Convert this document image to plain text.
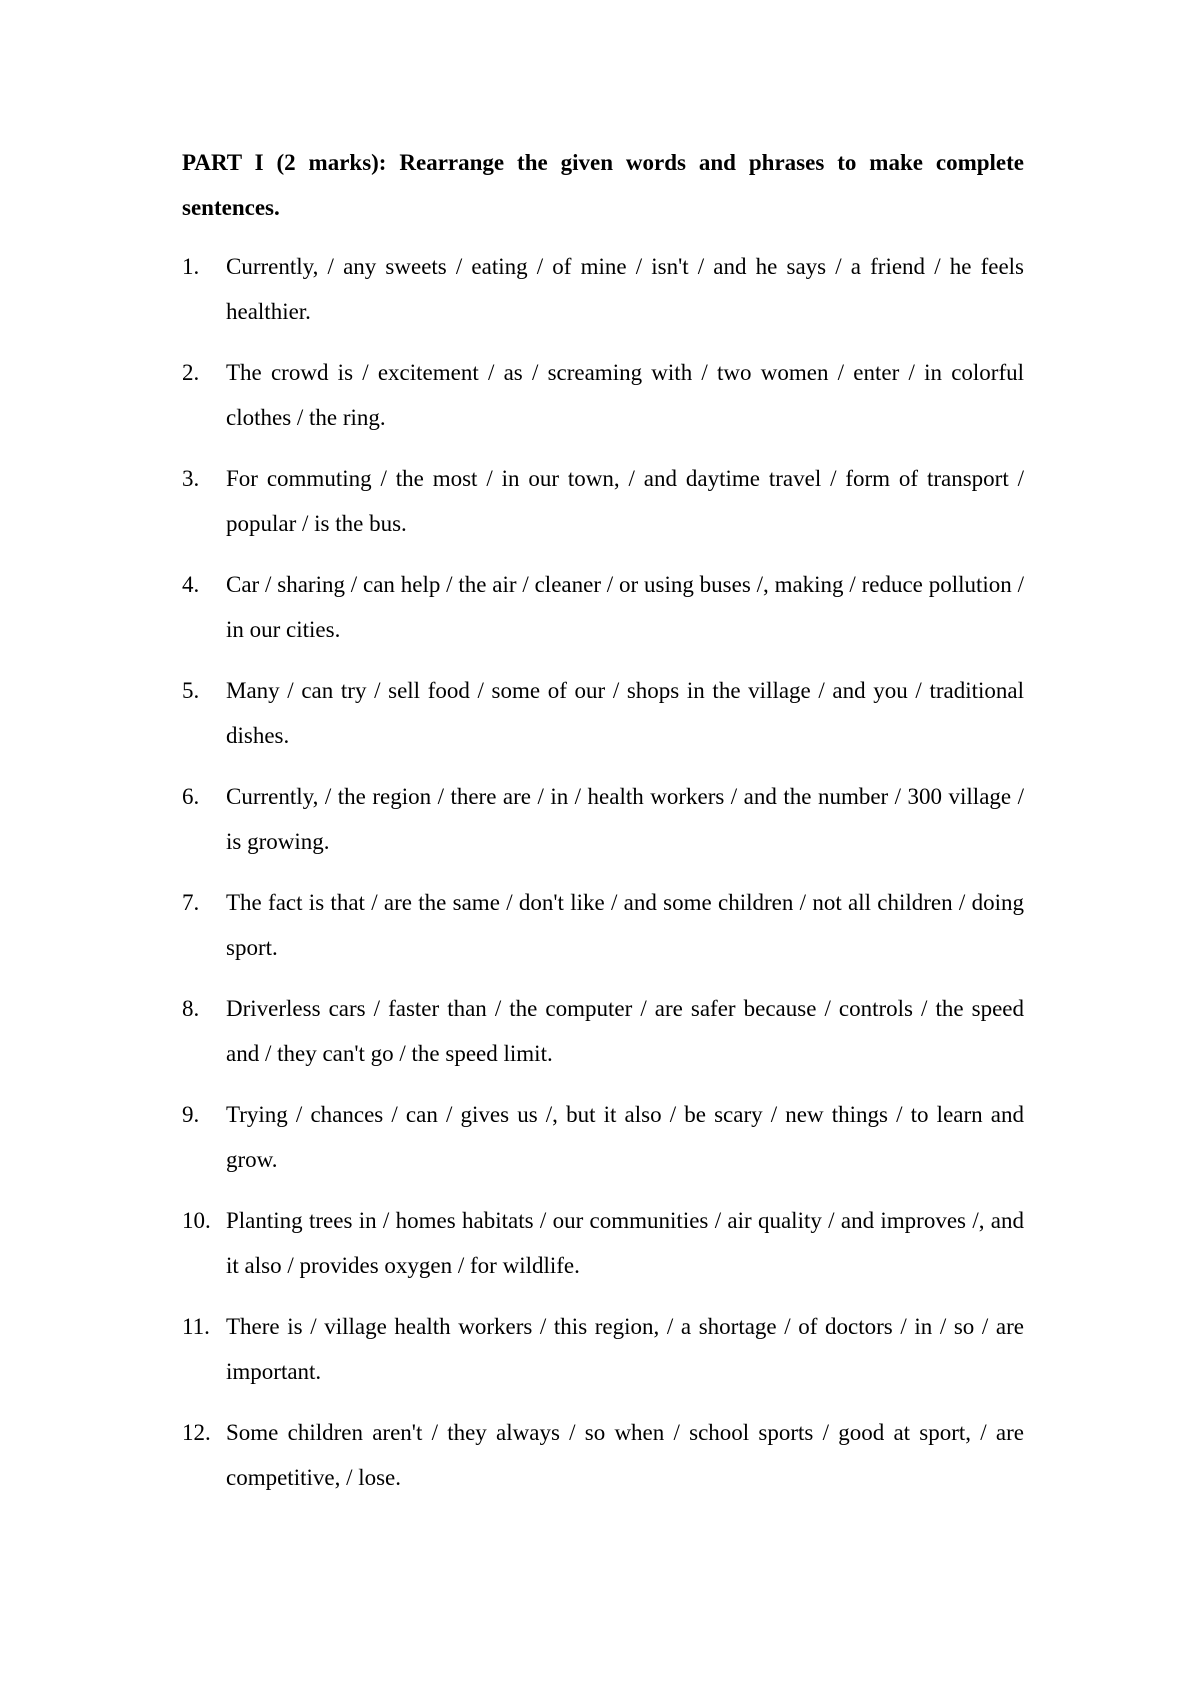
PART I (2 marks): Rearrange the given words and phrases to make complete sentences.

1. Currently, / any sweets / eating / of mine / isn't / and he says / a friend / he feels healthier.
2. The crowd is / excitement / as / screaming with / two women / enter / in colorful clothes / the ring.
3. For commuting / the most / in our town, / and daytime travel / form of transport / popular / is the bus.
4. Car / sharing / can help / the air / cleaner / or using buses /, making / reduce pollution / in our cities.
5. Many / can try / sell food / some of our / shops in the village / and you / traditional dishes.
6. Currently, / the region / there are / in / health workers / and the number / 300 village / is growing.
7. The fact is that / are the same / don't like / and some children / not all children / doing sport.
8. Driverless cars / faster than / the computer / are safer because / controls / the speed and / they can't go / the speed limit.
9. Trying / chances / can / gives us /, but it also / be scary / new things / to learn and grow.
10. Planting trees in / homes habitats / our communities / air quality / and improves /, and it also / provides oxygen / for wildlife.
11. There is / village health workers / this region, / a shortage / of doctors / in / so / are important.
12. Some children aren't / they always / so when / school sports / good at sport, / are competitive, / lose.
